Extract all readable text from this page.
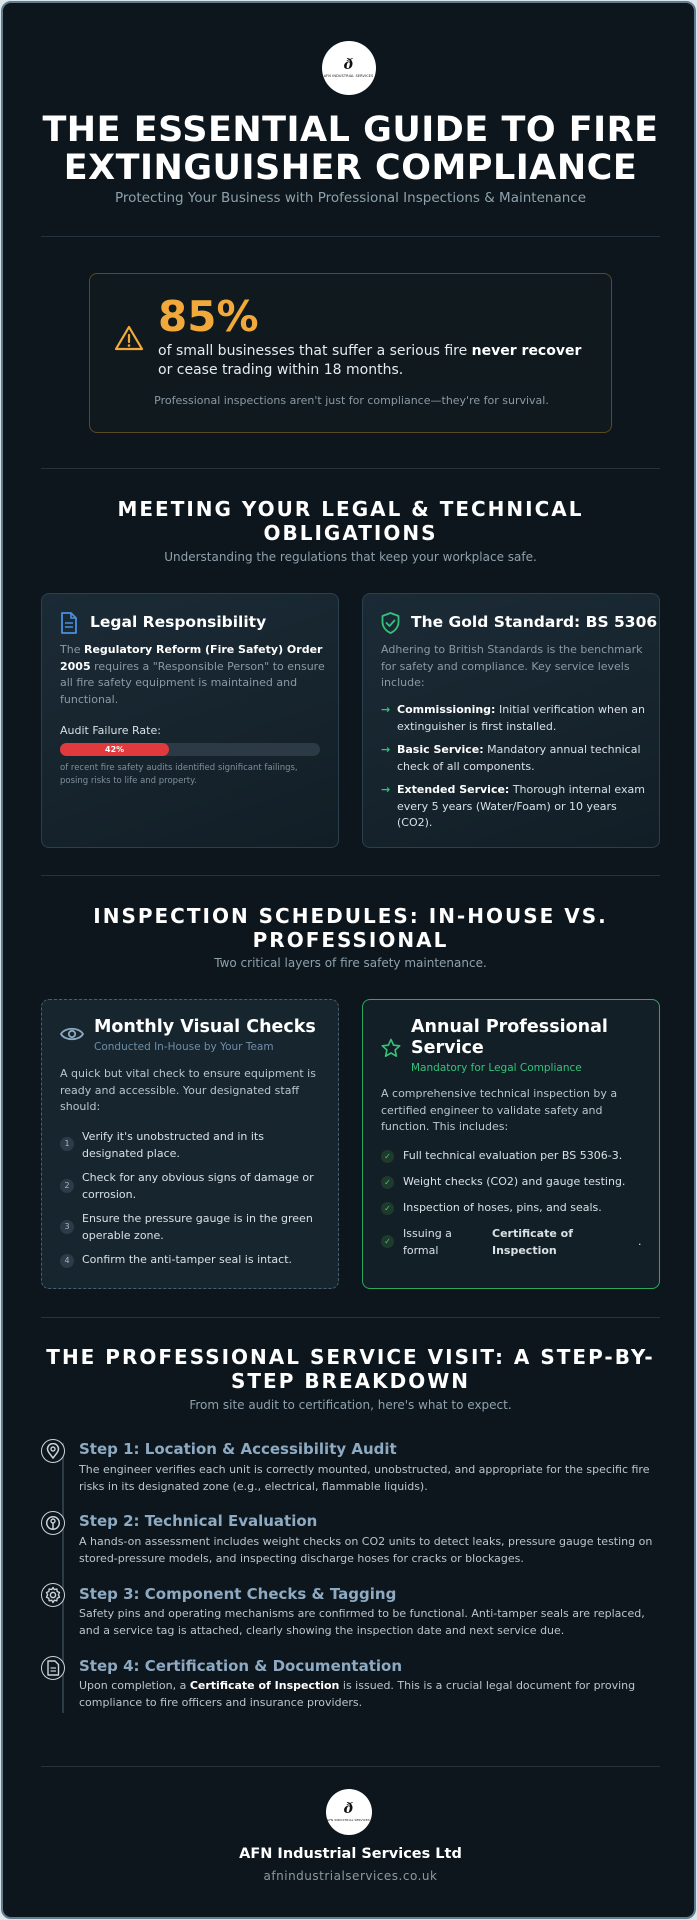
ð
AFN INDUSTRIAL SERVICES
THE ESSENTIAL GUIDE TO FIRE
EXTINGUISHER COMPLIANCE
Protecting Your Business with Professional Inspections & Maintenance
85%
of small businesses that suffer a serious fire never recover
or cease trading within 18 months.
Professional inspections aren't just for compliance—they're for survival.
MEETING YOUR LEGAL & TECHNICAL
OBLIGATIONS
Understanding the regulations that keep your workplace safe.
Legal Responsibility
The Regulatory Reform (Fire Safety) Order 2005 requires a "Responsible Person" to ensure all fire safety equipment is maintained and functional.
Audit Failure Rate:
42%
of recent fire safety audits identified significant failings, posing risks to life and property.
The Gold Standard: BS 5306
Adhering to British Standards is the benchmark for safety and compliance. Key service levels include:
→ Commissioning: Initial verification when an extinguisher is first installed.
→ Basic Service: Mandatory annual technical check of all components.
→ Extended Service: Thorough internal exam every 5 years (Water/Foam) or 10 years (CO2).
INSPECTION SCHEDULES: IN-HOUSE VS.
PROFESSIONAL
Two critical layers of fire safety maintenance.
Monthly Visual Checks
Conducted In-House by Your Team
A quick but vital check to ensure equipment is ready and accessible. Your designated staff should:
1
Verify it's unobstructed and in its designated place.
2
Check for any obvious signs of damage or corrosion.
3
Ensure the pressure gauge is in the green operable zone.
4	Confirm the anti-tamper seal is intact.
Annual Professional
Service
Mandatory for Legal Compliance
A comprehensive technical inspection by a certified engineer to validate safety and function. This includes:
✓ Full technical evaluation per BS 5306-3.
✓ Weight checks (CO2) and gauge testing.
✓ Inspection of hoses, pins, and seals.
✓
Issuing a
formal
Certificate of
Inspection
.
THE PROFESSIONAL SERVICE VISIT: A STEP-BY-
STEP BREAKDOWN
From site audit to certification, here's what to expect.
Step 1: Location & Accessibility Audit
The engineer verifies each unit is correctly mounted, unobstructed, and appropriate for the specific fire risks in its designated zone (e.g., electrical, flammable liquids).
Step 2: Technical Evaluation
A hands-on assessment includes weight checks on CO2 units to detect leaks, pressure gauge testing on stored-pressure models, and inspecting discharge hoses for cracks or blockages.
Step 3: Component Checks & Tagging
Safety pins and operating mechanisms are confirmed to be functional. Anti-tamper seals are replaced, and a service tag is attached, clearly showing the inspection date and next service due.
Step 4: Certification & Documentation
Upon completion, a Certificate of Inspection is issued. This is a crucial legal document for proving compliance to fire officers and insurance providers.
ð
AFN INDUSTRIAL SERVICES
AFN Industrial Services Ltd
afnindustrialservices.co.uk
